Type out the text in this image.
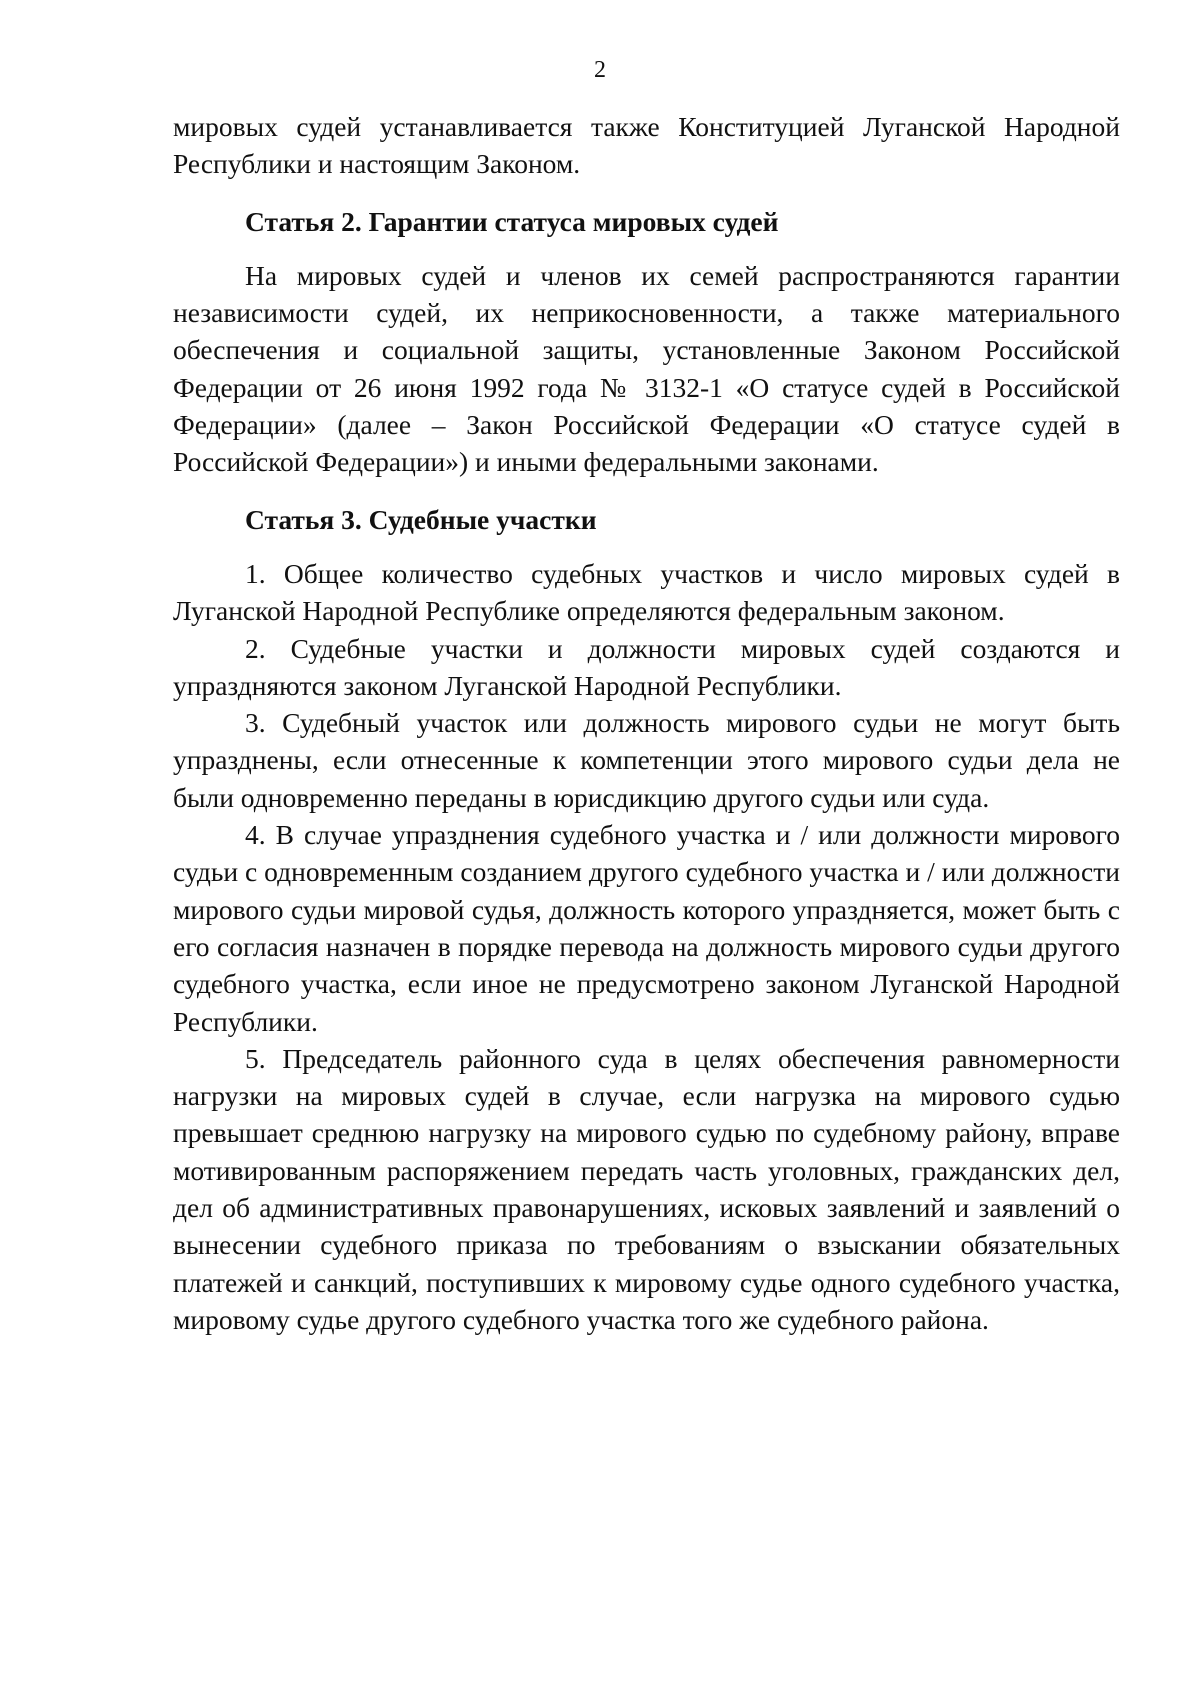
2

мировых судей устанавливается также Конституцией Луганской Народной Республики и настоящим Законом.

Статья 2. Гарантии статуса мировых судей

На мировых судей и членов их семей распространяются гарантии независимости судей, их неприкосновенности, а также материального обеспечения и социальной защиты, установленные Законом Российской Федерации от 26 июня 1992 года № 3132-1 «О статусе судей в Российской Федерации» (далее – Закон Российской Федерации «О статусе судей в Российской Федерации») и иными федеральными законами.

Статья 3. Судебные участки

1. Общее количество судебных участков и число мировых судей в Луганской Народной Республике определяются федеральным законом.

2. Судебные участки и должности мировых судей создаются и упраздняются законом Луганской Народной Республики.

3. Судебный участок или должность мирового судьи не могут быть упразднены, если отнесенные к компетенции этого мирового судьи дела не были одновременно переданы в юрисдикцию другого судьи или суда.

4. В случае упразднения судебного участка и / или должности мирового судьи с одновременным созданием другого судебного участка и / или должности мирового судьи мировой судья, должность которого упраздняется, может быть с его согласия назначен в порядке перевода на должность мирового судьи другого судебного участка, если иное не предусмотрено законом Луганской Народной Республики.

5. Председатель районного суда в целях обеспечения равномерности нагрузки на мировых судей в случае, если нагрузка на мирового судью превышает среднюю нагрузку на мирового судью по судебному району, вправе мотивированным распоряжением передать часть уголовных, гражданских дел, дел об административных правонарушениях, исковых заявлений и заявлений о вынесении судебного приказа по требованиям о взыскании обязательных платежей и санкций, поступивших к мировому судье одного судебного участка, мировому судье другого судебного участка того же судебного района.
